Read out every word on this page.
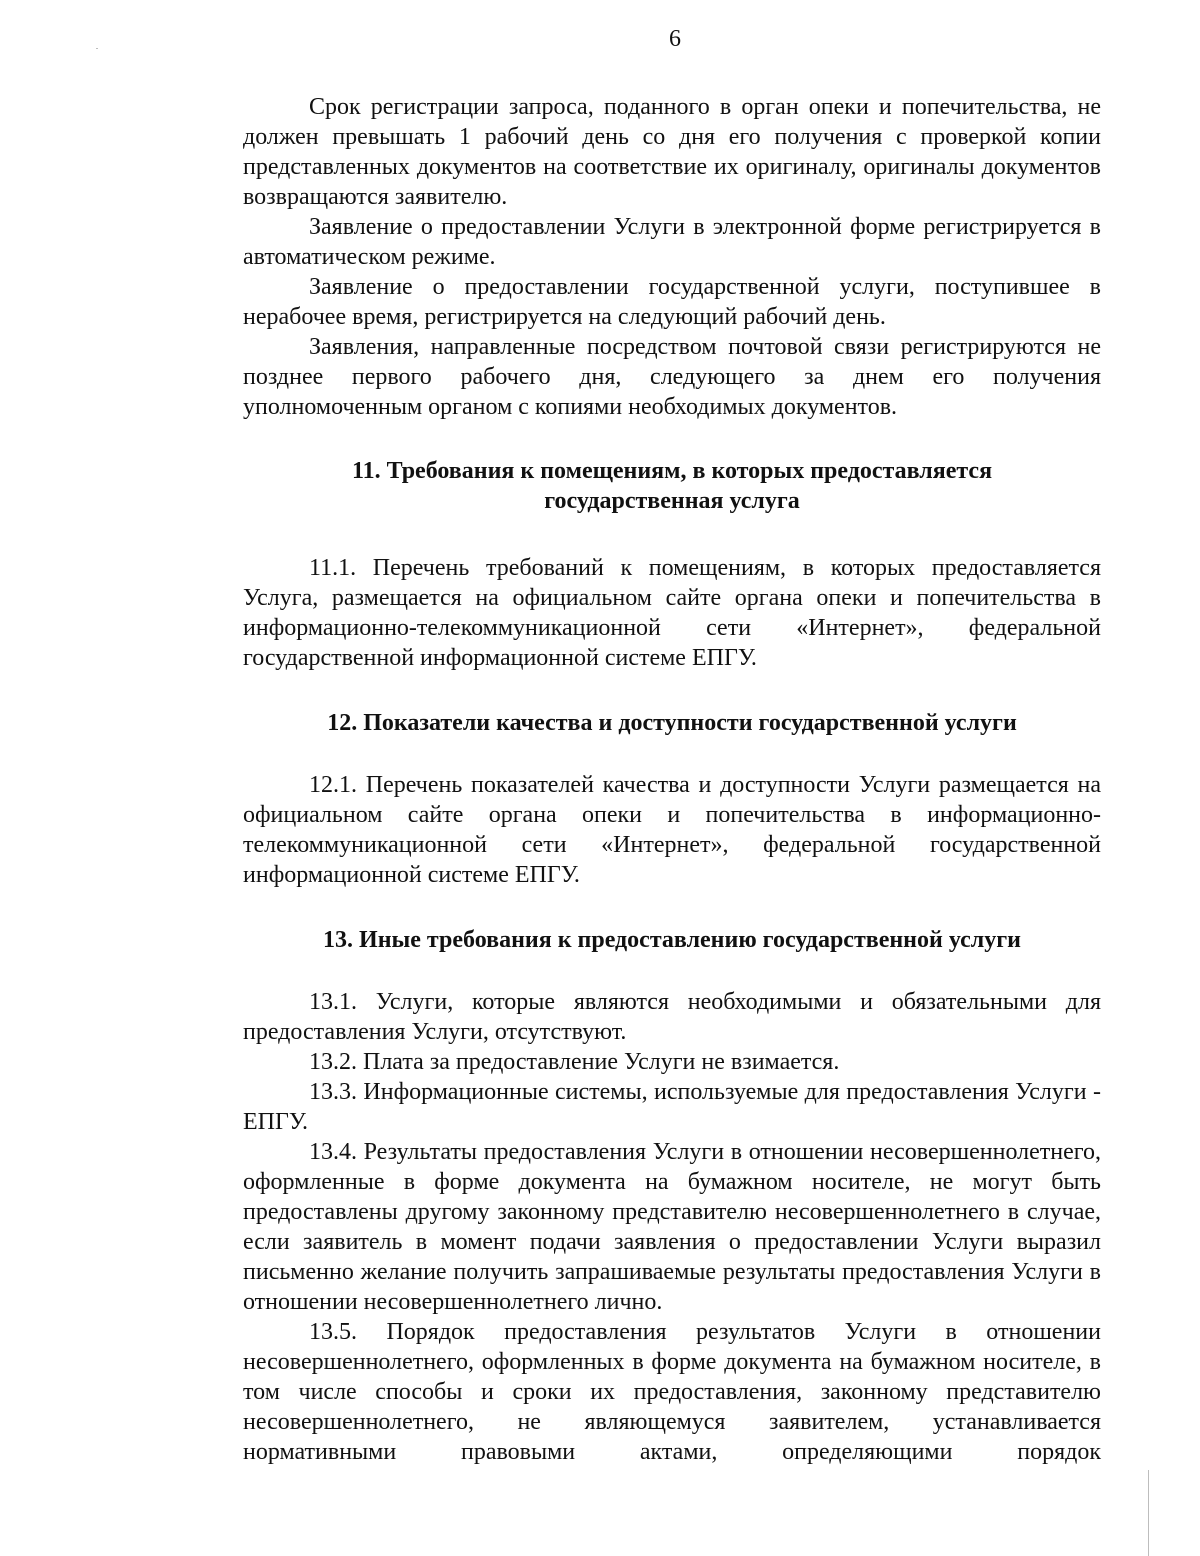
6

Срок регистрации запроса, поданного в орган опеки и попечительства, не должен превышать 1 рабочий день со дня его получения с проверкой копии представленных документов на соответствие их оригиналу, оригиналы документов возвращаются заявителю.

Заявление о предоставлении Услуги в электронной форме регистрируется в автоматическом режиме.

Заявление о предоставлении государственной услуги, поступившее в нерабочее время, регистрируется на следующий рабочий день.

Заявления, направленные посредством почтовой связи регистрируются не позднее первого рабочего дня, следующего за днем его получения уполномоченным органом с копиями необходимых документов.

11. Требования к помещениям, в которых предоставляется
государственная услуга

11.1. Перечень требований к помещениям, в которых предоставляется Услуга, размещается на официальном сайте органа опеки и попечительства в информационно-телекоммуникационной сети «Интернет», федеральной государственной информационной системе ЕПГУ.

12. Показатели качества и доступности государственной услуги

12.1. Перечень показателей качества и доступности Услуги размещается на официальном сайте органа опеки и попечительства в информационно-телекоммуникационной сети «Интернет», федеральной государственной информационной системе ЕПГУ.

13. Иные требования к предоставлению государственной услуги

13.1. Услуги, которые являются необходимыми и обязательными для предоставления Услуги, отсутствуют.

13.2. Плата за предоставление Услуги не взимается.

13.3. Информационные системы, используемые для предоставления Услуги - ЕПГУ.

13.4. Результаты предоставления Услуги в отношении несовершеннолетнего, оформленные в форме документа на бумажном носителе, не могут быть предоставлены другому законному представителю несовершеннолетнего в случае, если заявитель в момент подачи заявления о предоставлении Услуги выразил письменно желание получить запрашиваемые результаты предоставления Услуги в отношении несовершеннолетнего лично.

13.5. Порядок предоставления результатов Услуги в отношении несовершеннолетнего, оформленных в форме документа на бумажном носителе, в том числе способы и сроки их предоставления, законному представителю несовершеннолетнего, не являющемуся заявителем, устанавливается нормативными правовыми актами, определяющими порядок
